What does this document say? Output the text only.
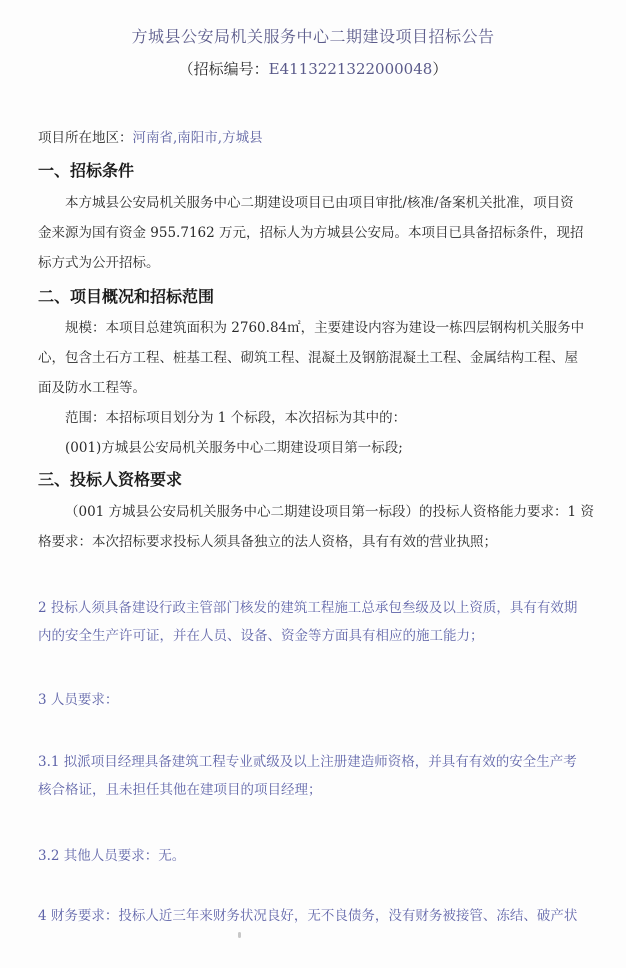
方城县公安局机关服务中心二期建设项目招标公告
（招标编号：E4113221322000048）
项目所在地区：河南省,南阳市,方城县
一、招标条件
本方城县公安局机关服务中心二期建设项目已由项目审批/核准/备案机关批准，项目资
金来源为国有资金 955.7162 万元，招标人为方城县公安局。本项目已具备招标条件，现招
标方式为公开招标。
二、项目概况和招标范围
规模：本项目总建筑面积为 2760.84㎡，主要建设内容为建设一栋四层钢构机关服务中
心，包含土石方工程、桩基工程、砌筑工程、混凝土及钢筋混凝土工程、金属结构工程、屋
面及防水工程等。
范围：本招标项目划分为 1 个标段，本次招标为其中的：
(001)方城县公安局机关服务中心二期建设项目第一标段;
三、投标人资格要求
（001 方城县公安局机关服务中心二期建设项目第一标段）的投标人资格能力要求：1 资
格要求：本次招标要求投标人须具备独立的法人资格，具有有效的营业执照；
2 投标人须具备建设行政主管部门核发的建筑工程施工总承包叁级及以上资质，具有有效期
内的安全生产许可证，并在人员、设备、资金等方面具有相应的施工能力；
3 人员要求：
3.1 拟派项目经理具备建筑工程专业贰级及以上注册建造师资格，并具有有效的安全生产考
核合格证，且未担任其他在建项目的项目经理；
3.2 其他人员要求：无。
4 财务要求：投标人近三年来财务状况良好，无不良债务，没有财务被接管、冻结、破产状
